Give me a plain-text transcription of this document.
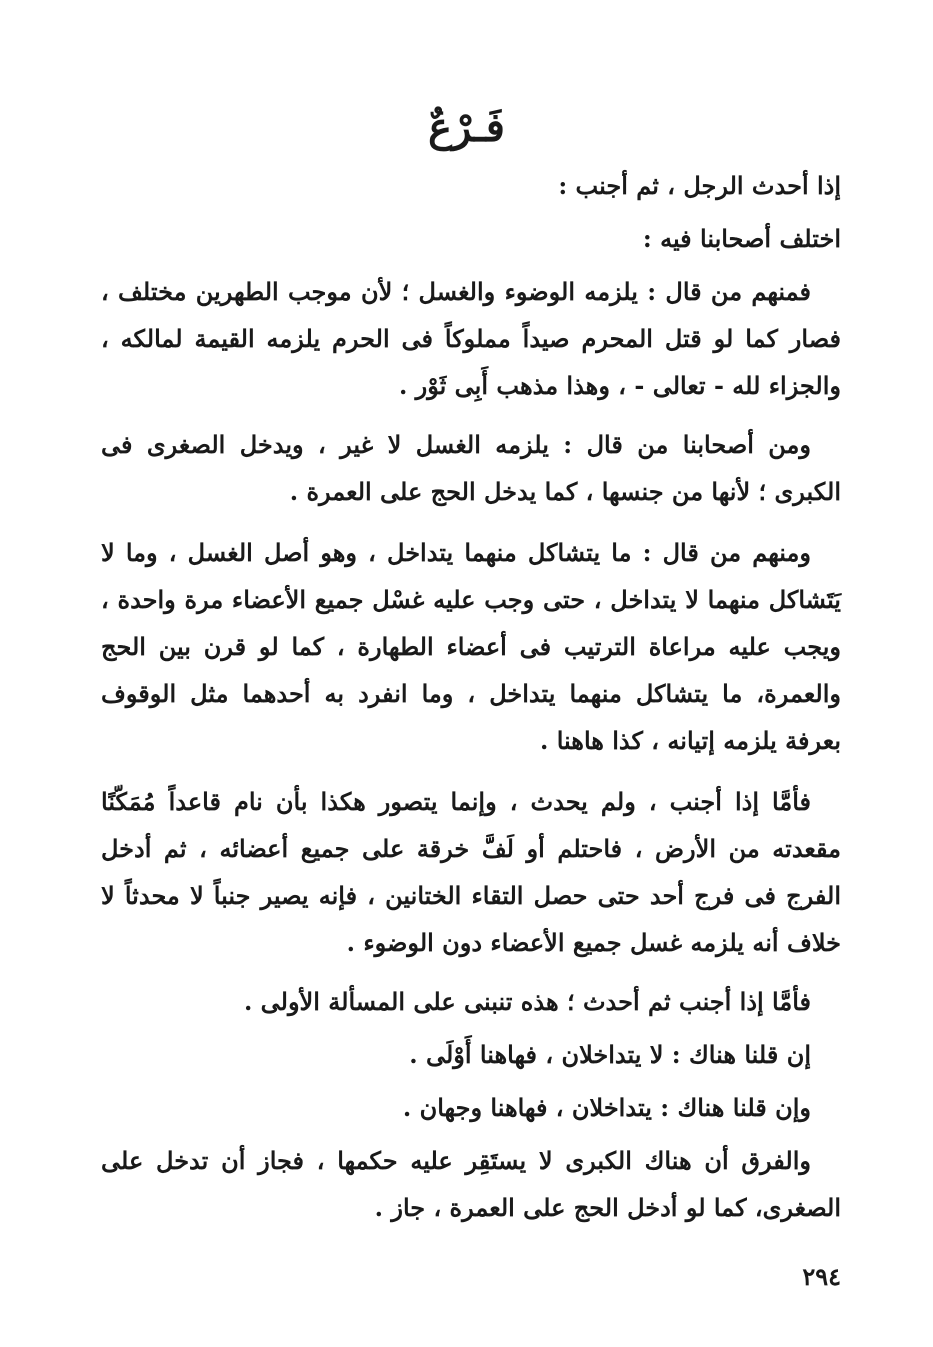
فَـرْعٌ

إذا أحدث الرجل ، ثم أجنب :

اختلف أصحابنا فيه :

فمنهم من قال : يلزمه الوضوء والغسل ؛ لأن موجب الطهرين مختلف ، فصار كما لو قتل المحرم صيداً مملوكاً فى الحرم يلزمه القيمة لمالكه ، والجزاء لله - تعالى - ، وهذا مذهب أَبِى ثَوْر .

ومن أصحابنا من قال : يلزمه الغسل لا غير ، ويدخل الصغرى فى الكبرى ؛ لأنها من جنسها ، كما يدخل الحج على العمرة .

ومنهم من قال : ما يتشاكل منهما يتداخل ، وهو أصل الغسل ، وما لا يَتَشاكل منهما لا يتداخل ، حتى وجب عليه غسْل جميع الأعضاء مرة واحدة ، ويجب عليه مراعاة الترتيب فى أعضاء الطهارة ، كما لو قرن بين الحج والعمرة، ما يتشاكل منهما يتداخل ، وما انفرد به أحدهما مثل الوقوف بعرفة يلزمه إتيانه ، كذا هاهنا .

فأمَّا إذا أجنب ، ولم يحدث ، وإنما يتصور هكذا بأن نام قاعداً مُمَكّنًا مقعدته من الأرض ، فاحتلم أو لَفَّ خرقة على جميع أعضائه ، ثم أدخل الفرج فى فرج أحد حتى حصل التقاء الختانين ، فإنه يصير جنباً لا محدثاً لا خلاف أنه يلزمه غسل جميع الأعضاء دون الوضوء .

فأمَّا إذا أجنب ثم أحدث ؛ هذه تنبنى على المسألة الأولى .

إن قلنا هناك : لا يتداخلان ، فهاهنا أَوْلَى .

وإن قلنا هناك : يتداخلان ، فهاهنا وجهان .

والفرق أن هناك الكبرى لا يستَقِر عليه حكمها ، فجاز أن تدخل على الصغرى، كما لو أدخل الحج على العمرة ، جاز .

٢٩٤
